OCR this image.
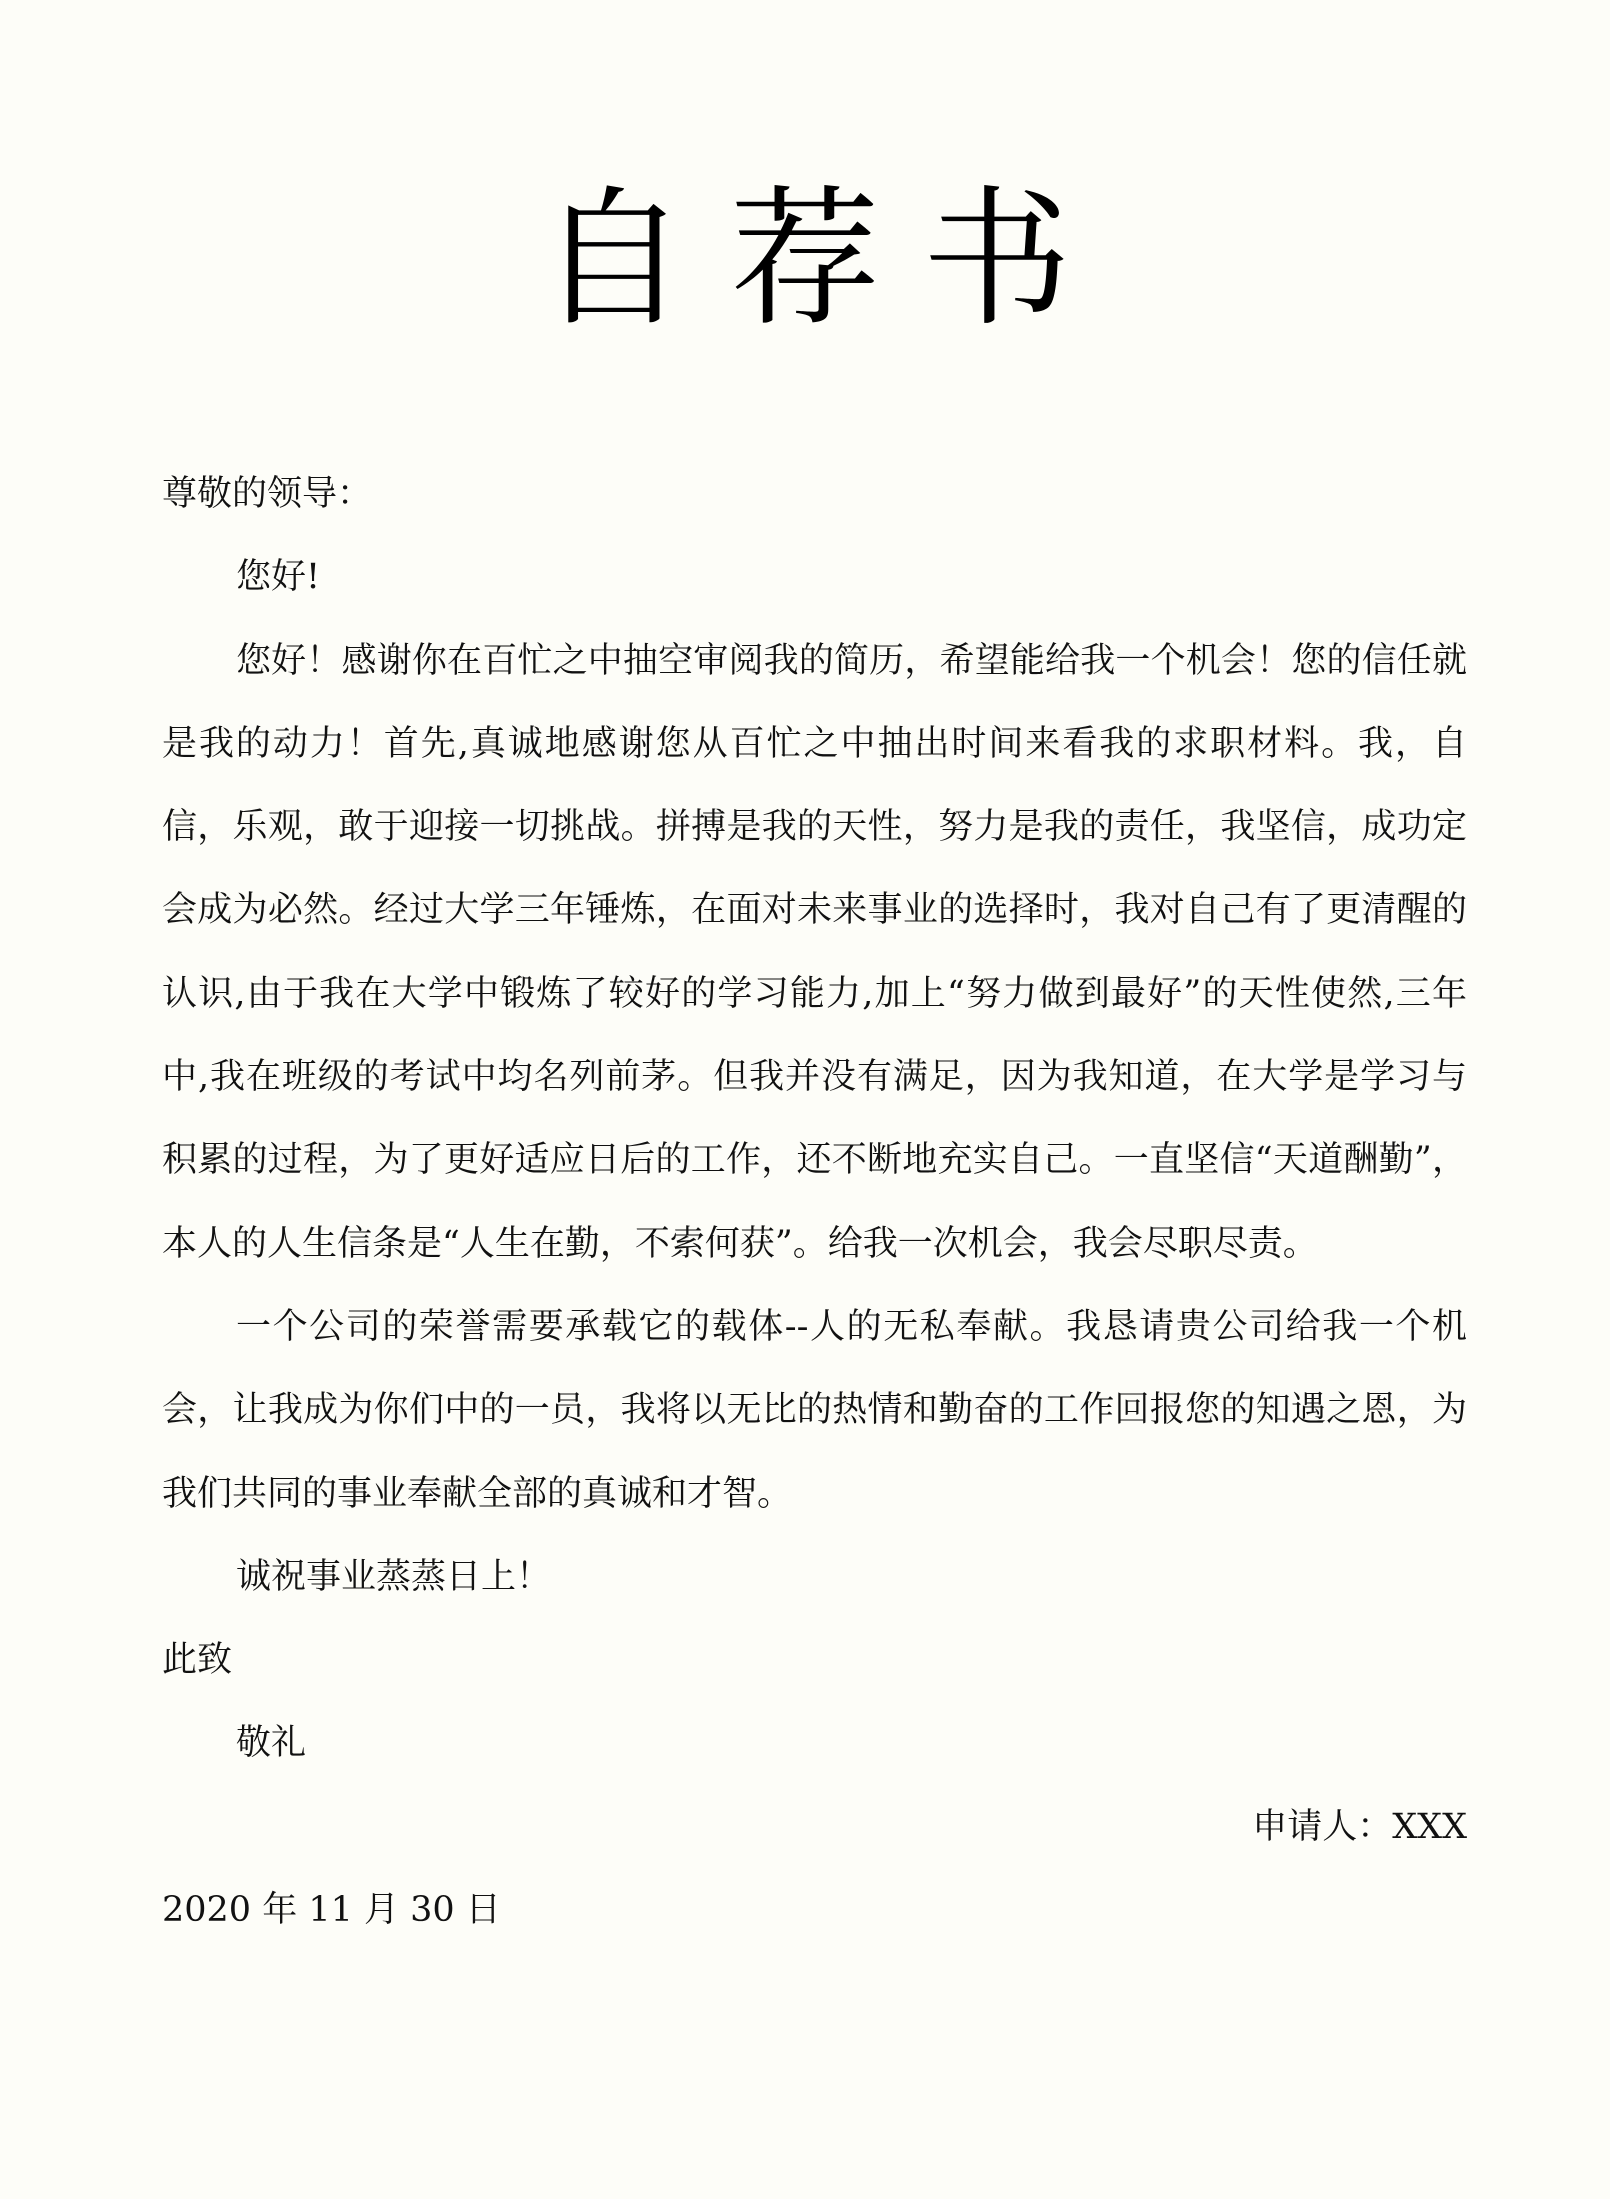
自荐书

尊敬的领导：

您好!

您好！感谢你在百忙之中抽空审阅我的简历，希望能给我一个机会！您的信任就是我的动力！首先,真诚地感谢您从百忙之中抽出时间来看我的求职材料。我，自信，乐观，敢于迎接一切挑战。拼搏是我的天性，努力是我的责任，我坚信，成功定会成为必然。经过大学三年锤炼，在面对未来事业的选择时，我对自己有了更清醒的认识,由于我在大学中锻炼了较好的学习能力,加上“努力做到最好”的天性使然,三年中,我在班级的考试中均名列前茅。但我并没有满足，因为我知道，在大学是学习与积累的过程，为了更好适应日后的工作，还不断地充实自己。一直坚信“天道酬勤”，本人的人生信条是“人生在勤，不索何获”。给我一次机会，我会尽职尽责。

一个公司的荣誉需要承载它的载体--人的无私奉献。我恳请贵公司给我一个机会，让我成为你们中的一员，我将以无比的热情和勤奋的工作回报您的知遇之恩，为我们共同的事业奉献全部的真诚和才智。

诚祝事业蒸蒸日上！

此致

敬礼

申请人：XXX

2020 年 11 月 30 日
